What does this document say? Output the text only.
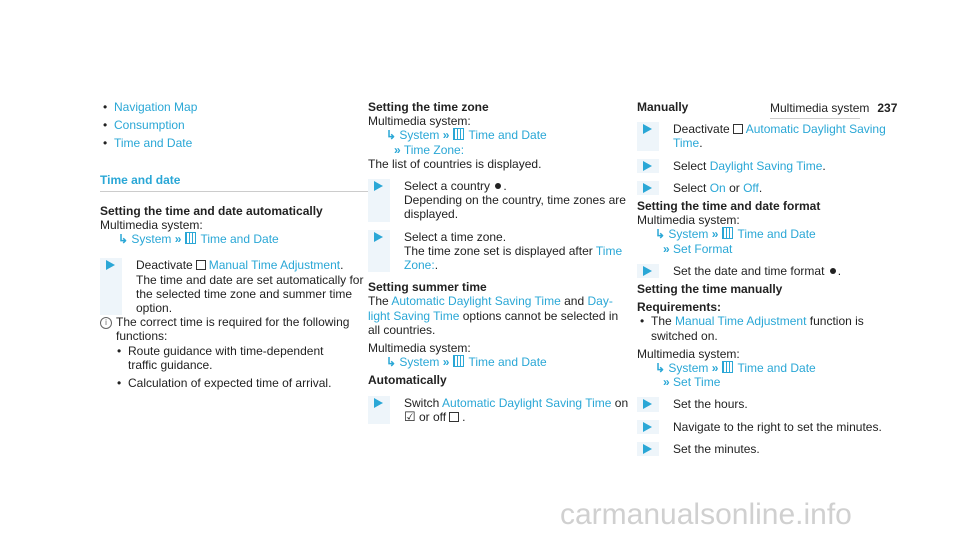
Multimedia system 237
• Navigation Map
• Consumption
• Time and Date
Time and date
Setting the time and date automatically
Multimedia system:
↳ System » Time and Date
Deactivate Manual Time Adjustment.
The time and date are set automatically for
the selected time zone and summer time
option.
i The correct time is required for the following
functions:
• Route guidance with time-dependent
traffic guidance.
• Calculation of expected time of arrival.
Setting the time zone
Multimedia system:
↳ System » Time and Date
» Time Zone:
The list of countries is displayed.
Select a country .
Depending on the country, time zones are
displayed.
Select a time zone.
The time zone set is displayed after Time
Zone:.
Setting summer time
The Automatic Daylight Saving Time and Day-
light Saving Time options cannot be selected in
all countries.
Multimedia system:
↳ System » Time and Date
Automatically
Switch Automatic Daylight Saving Time on
☑ or off .
Manually
Deactivate Automatic Daylight Saving
Time.
Select Daylight Saving Time.
Select On or Off.
Setting the time and date format
Multimedia system:
↳ System » Time and Date
» Set Format
Set the date and time format .
Setting the time manually
Requirements:
• The Manual Time Adjustment function is
switched on.
Multimedia system:
↳ System » Time and Date
» Set Time
Set the hours.
Navigate to the right to set the minutes.
Set the minutes.
carmanualsonline.info
